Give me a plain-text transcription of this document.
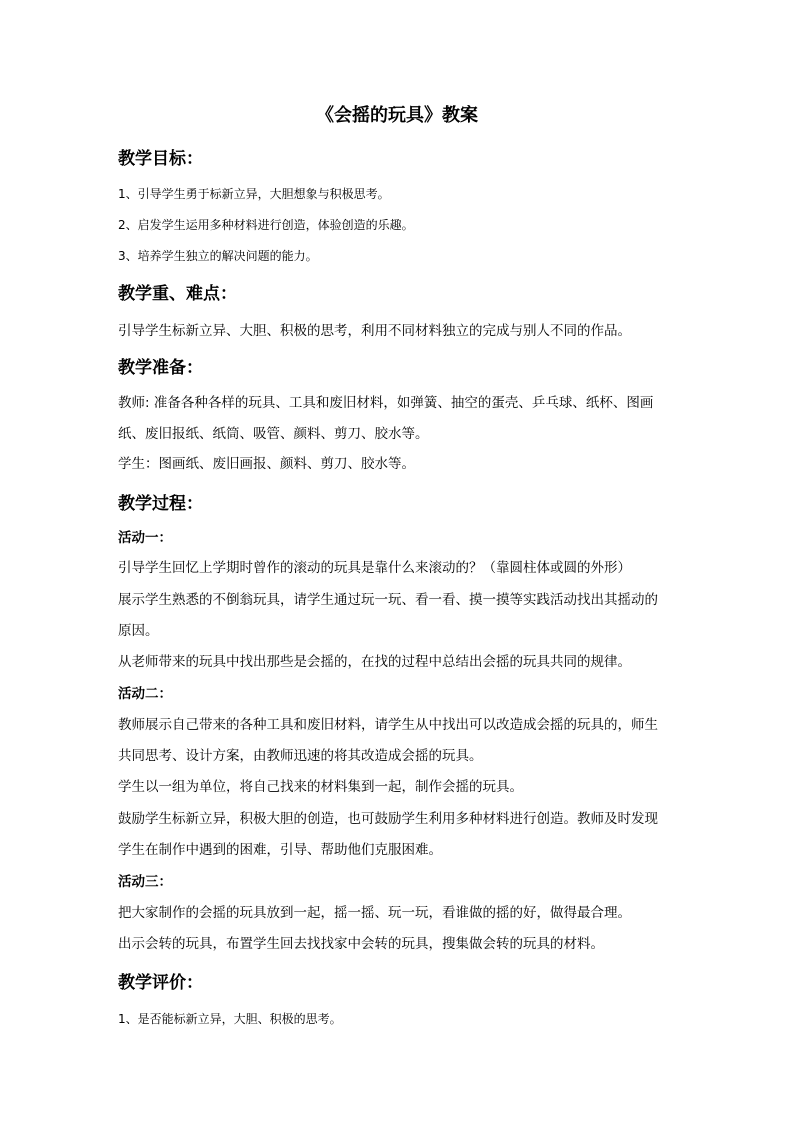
《会摇的玩具》教案
教学目标：
1、引导学生勇于标新立异，大胆想象与积极思考。
2、启发学生运用多种材料进行创造，体验创造的乐趣。
3、培养学生独立的解决问题的能力。
教学重、难点：
引导学生标新立异、大胆、积极的思考，利用不同材料独立的完成与别人不同的作品。
教学准备：
教师: 准备各种各样的玩具、工具和废旧材料，如弹簧、抽空的蛋壳、乒乓球、纸杯、图画
纸、废旧报纸、纸筒、吸管、颜料、剪刀、胶水等。
学生：图画纸、废旧画报、颜料、剪刀、胶水等。
教学过程：
活动一：
引导学生回忆上学期时曾作的滚动的玩具是靠什么来滚动的？（靠圆柱体或圆的外形）
展示学生熟悉的不倒翁玩具，请学生通过玩一玩、看一看、摸一摸等实践活动找出其摇动的
原因。
从老师带来的玩具中找出那些是会摇的，在找的过程中总结出会摇的玩具共同的规律。
活动二：
教师展示自己带来的各种工具和废旧材料，请学生从中找出可以改造成会摇的玩具的，师生
共同思考、设计方案，由教师迅速的将其改造成会摇的玩具。
学生以一组为单位，将自己找来的材料集到一起，制作会摇的玩具。
鼓励学生标新立异，积极大胆的创造，也可鼓励学生利用多种材料进行创造。教师及时发现
学生在制作中遇到的困难，引导、帮助他们克服困难。
活动三：
把大家制作的会摇的玩具放到一起，摇一摇、玩一玩，看谁做的摇的好，做得最合理。
出示会转的玩具，布置学生回去找找家中会转的玩具，搜集做会转的玩具的材料。
教学评价：
1、是否能标新立异，大胆、积极的思考。
